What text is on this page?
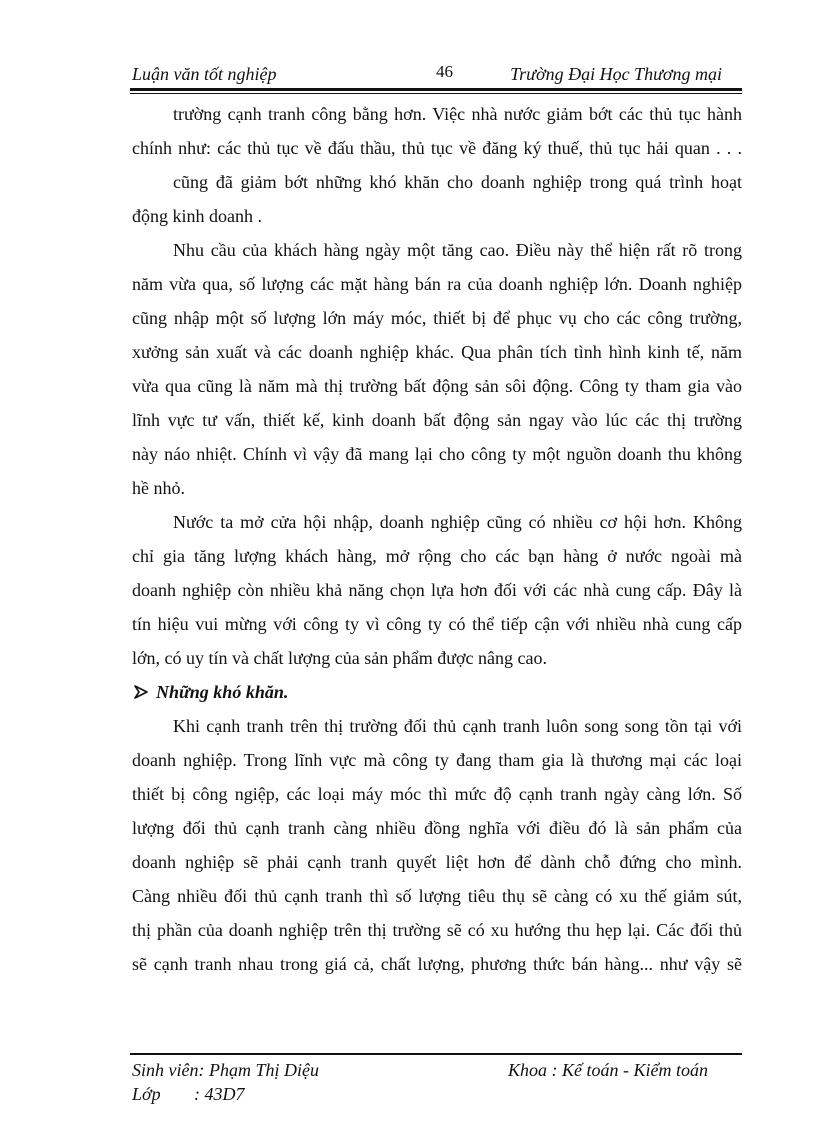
Luận văn tốt nghiệp	46	Trường Đại Học Thương mại
trường cạnh tranh công bằng hơn. Việc nhà nước giảm bớt các thủ tục hành
chính như: các thủ tục về đấu thầu, thủ tục về đăng ký thuế, thủ tục hải quan . . .
cũng đã giảm bớt những khó khăn cho doanh nghiệp trong quá trình hoạt
động kinh doanh .
Nhu cầu của khách hàng ngày một tăng cao. Điều này thể hiện rất rõ trong
năm vừa qua, số lượng các mặt hàng bán ra của doanh nghiệp lớn. Doanh nghiệp
cũng nhập một số lượng lớn máy móc, thiết bị để phục vụ cho các công trường,
xưởng sản xuất và các doanh nghiệp khác. Qua phân tích tình hình kinh tế, năm
vừa qua cũng là năm mà thị trường bất động sản sôi động. Công ty tham gia vào
lĩnh vực tư vấn, thiết kế, kinh doanh bất động sản ngay vào lúc các thị trường
này náo nhiệt. Chính vì vậy đã mang lại cho công ty một nguồn doanh thu không
hề nhỏ.
Nước ta mở cửa hội nhập, doanh nghiệp cũng có nhiều cơ hội hơn. Không
chỉ gia tăng lượng khách hàng, mở rộng cho các bạn hàng ở nước ngoài mà
doanh nghiệp còn nhiều khả năng chọn lựa hơn đối với các nhà cung cấp. Đây là
tín hiệu vui mừng với công ty vì công ty có thể tiếp cận với nhiều nhà cung cấp
lớn, có uy tín và chất lượng của sản phẩm được nâng cao.
Những khó khăn.
Khi cạnh tranh trên thị trường đối thủ cạnh tranh luôn song song tồn tại với
doanh nghiệp. Trong lĩnh vực mà công ty đang tham gia là thương mại các loại
thiết bị công ngiệp, các loại máy móc thì mức độ cạnh tranh ngày càng lớn. Số
lượng đối thủ cạnh tranh càng nhiều đồng nghĩa với điều đó là sản phẩm của
doanh nghiệp sẽ phải cạnh tranh quyết liệt hơn để dành chỗ đứng cho mình.
Càng nhiều đối thủ cạnh tranh thì số lượng tiêu thụ sẽ càng có xu thế giảm sút,
thị phần của doanh nghiệp trên thị trường sẽ có xu hướng thu hẹp lại. Các đối thủ
sẽ cạnh tranh nhau trong giá cả, chất lượng, phương thức bán hàng... như vậy sẽ
Sinh viên: Phạm Thị Diệu	Khoa : Kế toán - Kiểm toán
Lớp : 43D7
